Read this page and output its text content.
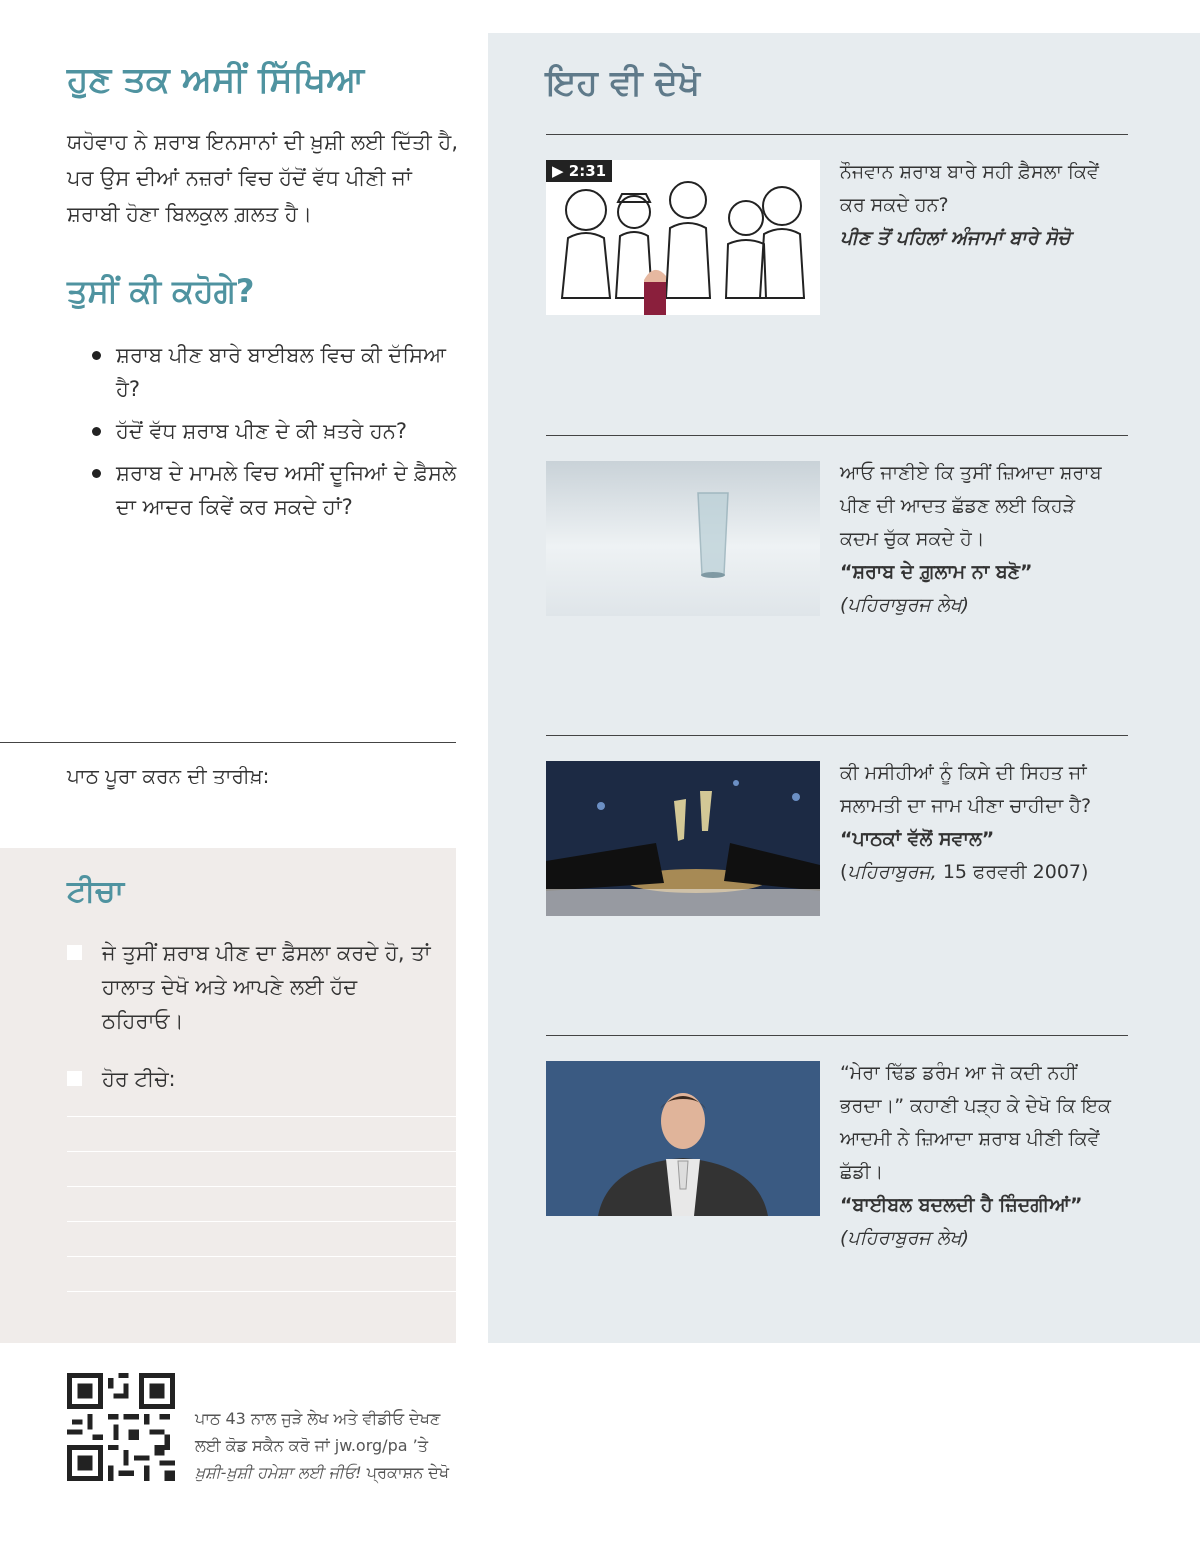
ਹੁਣ ਤਕ ਅਸੀਂ ਸਿੱਖਿਆ
ਯਹੋਵਾਹ ਨੇ ਸ਼ਰਾਬ ਇਨਸਾਨਾਂ ਦੀ ਖ਼ੁਸ਼ੀ ਲਈ ਦਿੱਤੀ ਹੈ, ਪਰ ਉਸ ਦੀਆਂ ਨਜ਼ਰਾਂ ਵਿਚ ਹੱਦੋਂ ਵੱਧ ਪੀਣੀ ਜਾਂ ਸ਼ਰਾਬੀ ਹੋਣਾ ਬਿਲਕੁਲ ਗ਼ਲਤ ਹੈ।
ਤੁਸੀਂ ਕੀ ਕਹੋਗੇ?
ਸ਼ਰਾਬ ਪੀਣ ਬਾਰੇ ਬਾਈਬਲ ਵਿਚ ਕੀ ਦੱਸਿਆ ਹੈ?
ਹੱਦੋਂ ਵੱਧ ਸ਼ਰਾਬ ਪੀਣ ਦੇ ਕੀ ਖ਼ਤਰੇ ਹਨ?
ਸ਼ਰਾਬ ਦੇ ਮਾਮਲੇ ਵਿਚ ਅਸੀਂ ਦੂਜਿਆਂ ਦੇ ਫ਼ੈਸਲੇ ਦਾ ਆਦਰ ਕਿਵੇਂ ਕਰ ਸਕਦੇ ਹਾਂ?
ਪਾਠ ਪੂਰਾ ਕਰਨ ਦੀ ਤਾਰੀਖ਼:
ਟੀਚਾ
ਜੇ ਤੁਸੀਂ ਸ਼ਰਾਬ ਪੀਣ ਦਾ ਫ਼ੈਸਲਾ ਕਰਦੇ ਹੋ, ਤਾਂ ਹਾਲਾਤ ਦੇਖੋ ਅਤੇ ਆਪਣੇ ਲਈ ਹੱਦ ਠਹਿਰਾਓ।
ਹੋਰ ਟੀਚੇ:
ਇਹ ਵੀ ਦੇਖੋ
▶ 2:31	ਨੌਜਵਾਨ ਸ਼ਰਾਬ ਬਾਰੇ ਸਹੀ ਫ਼ੈਸਲਾ ਕਿਵੇਂ ਕਰ ਸਕਦੇ ਹਨ?
ਪੀਣ ਤੋਂ ਪਹਿਲਾਂ ਅੰਜਾਮਾਂ ਬਾਰੇ ਸੋਚੋ
ਆਓ ਜਾਣੀਏ ਕਿ ਤੁਸੀਂ ਜ਼ਿਆਦਾ ਸ਼ਰਾਬ ਪੀਣ ਦੀ ਆਦਤ ਛੱਡਣ ਲਈ ਕਿਹੜੇ ਕਦਮ ਚੁੱਕ ਸਕਦੇ ਹੋ।
“ਸ਼ਰਾਬ ਦੇ ਗ਼ੁਲਾਮ ਨਾ ਬਣੋ”
(ਪਹਿਰਾਬੁਰਜ ਲੇਖ)
ਕੀ ਮਸੀਹੀਆਂ ਨੂੰ ਕਿਸੇ ਦੀ ਸਿਹਤ ਜਾਂ ਸਲਾਮਤੀ ਦਾ ਜਾਮ ਪੀਣਾ ਚਾਹੀਦਾ ਹੈ?
“ਪਾਠਕਾਂ ਵੱਲੋਂ ਸਵਾਲ”
(ਪਹਿਰਾਬੁਰਜ, 15 ਫਰਵਰੀ 2007)
“ਮੇਰਾ ਢਿੱਡ ਡਰੰਮ ਆ ਜੋ ਕਦੀ ਨਹੀਂ ਭਰਦਾ।” ਕਹਾਣੀ ਪੜ੍ਹ ਕੇ ਦੇਖੋ ਕਿ ਇਕ ਆਦਮੀ ਨੇ ਜ਼ਿਆਦਾ ਸ਼ਰਾਬ ਪੀਣੀ ਕਿਵੇਂ ਛੱਡੀ।
“ਬਾਈਬਲ ਬਦਲਦੀ ਹੈ ਜ਼ਿੰਦਗੀਆਂ” (ਪਹਿਰਾਬੁਰਜ ਲੇਖ)
ਪਾਠ 43 ਨਾਲ ਜੁੜੇ ਲੇਖ ਅਤੇ ਵੀਡੀਓ ਦੇਖਣ
ਲਈ ਕੋਡ ਸਕੈਨ ਕਰੋ ਜਾਂ jw.org/pa ’ਤੇ
ਖ਼ੁਸ਼ੀ-ਖ਼ੁਸ਼ੀ ਹਮੇਸ਼ਾ ਲਈ ਜੀਓ! ਪ੍ਰਕਾਸ਼ਨ ਦੇਖੋ
